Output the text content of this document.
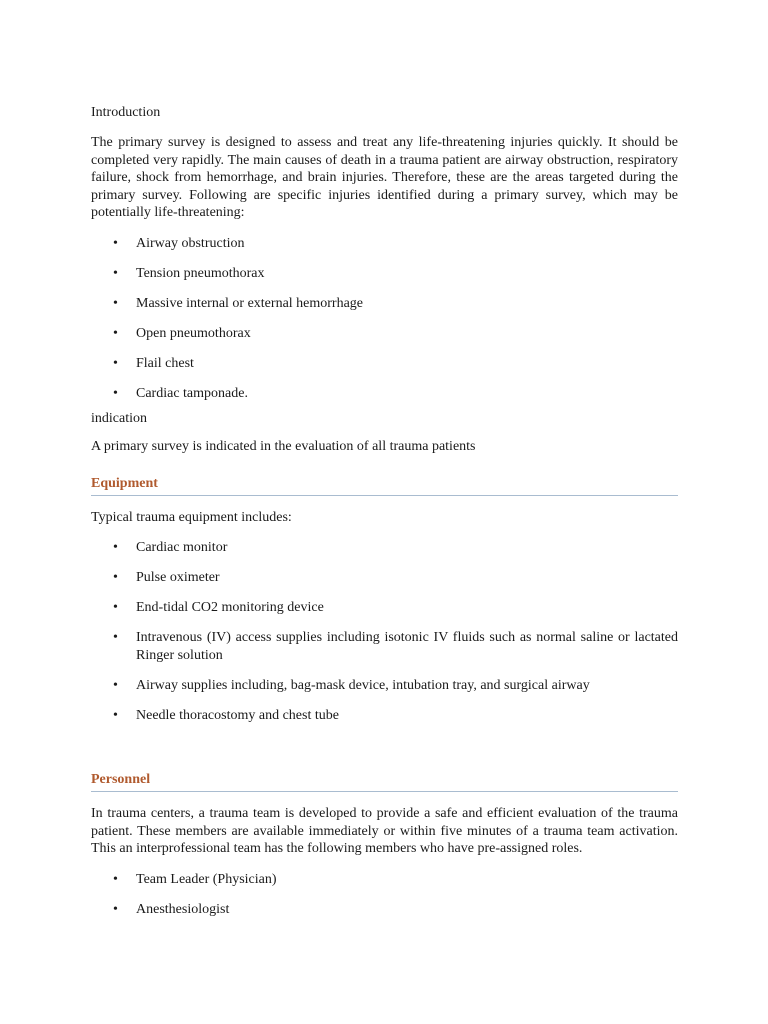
Introduction

The primary survey is designed to assess and treat any life-threatening injuries quickly. It should be completed very rapidly. The main causes of death in a trauma patient are airway obstruction, respiratory failure, shock from hemorrhage, and brain injuries. Therefore, these are the areas targeted during the primary survey. Following are specific injuries identified during a primary survey, which may be potentially life-threatening:

•	Airway obstruction
•	Tension pneumothorax
•	Massive internal or external hemorrhage
•	Open pneumothorax
•	Flail chest
•	Cardiac tamponade.

indication

A primary survey is indicated in the evaluation of all trauma patients

Equipment

Typical trauma equipment includes:

•	Cardiac monitor
•	Pulse oximeter
•	End-tidal CO2 monitoring device
•	Intravenous (IV) access supplies including isotonic IV fluids such as normal saline or lactated Ringer solution
•	Airway supplies including, bag-mask device, intubation tray, and surgical airway
•	Needle thoracostomy and chest tube
Personnel

In trauma centers, a trauma team is developed to provide a safe and efficient evaluation of the trauma patient. These members are available immediately or within five minutes of a trauma team activation. This an interprofessional team has the following members who have pre-assigned roles.

•	Team Leader (Physician)
•	Anesthesiologist
